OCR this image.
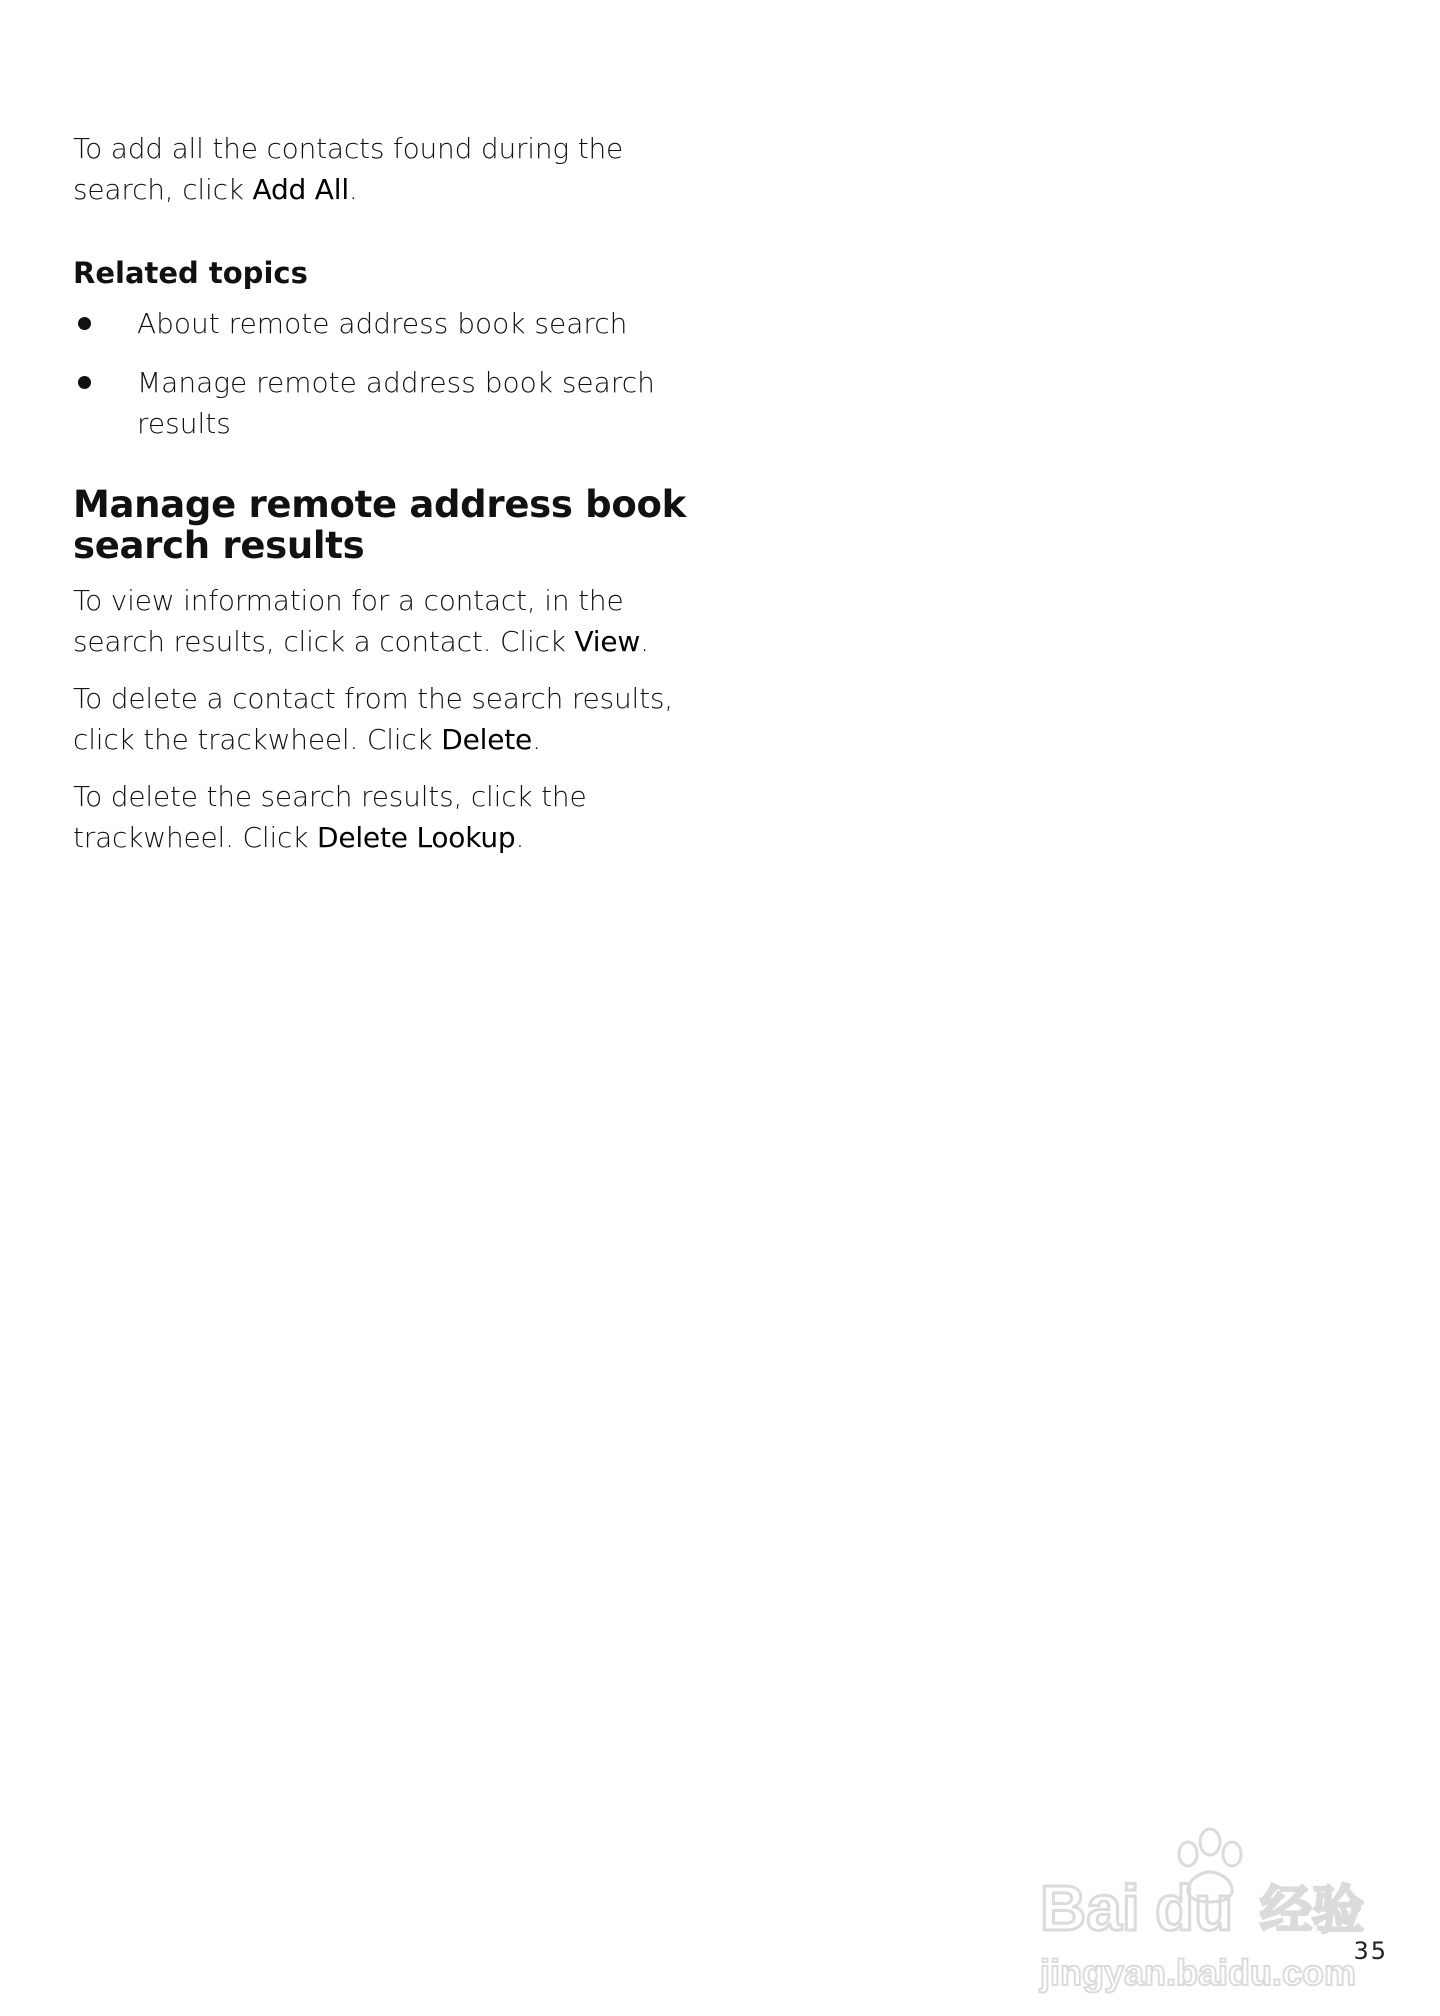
To add all the contacts found during the search, click Add All.

Related topics
About remote address book search
Manage remote address book search results
Manage remote address book search results

To view information for a contact, in the search results, click a contact. Click View.

To delete a contact from the search results, click the trackwheel. Click Delete.

To delete the search results, click the trackwheel. Click Delete Lookup.

Bai du 经验
jingyan.baidu.com
35
